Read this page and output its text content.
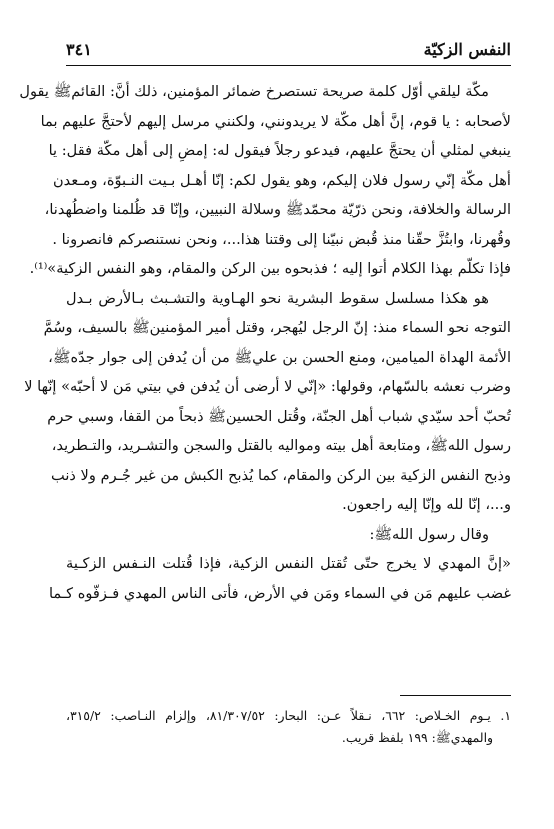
النفس الزكيّة
٣٤١
مكّة ليلقي أوّل كلمة صريحة تستصرخ ضمائر المؤمنين، ذلك أنَّ: القائمﷺ يقول
لأصحابه : يا قوم، إنَّ أهل مكّة لا يريدونني، ولكنني مرسل إليهم لأحتجَّ عليهم بما
ينبغي لمثلي أن يحتجَّ عليهم، فيدعو رجلاً فيقول له: إمضِ إلى أهل مكّة فقل: يا
أهل مكّة إنّي رسول فلان إليكم، وهو يقول لكم: إنّا أهـل بـيت النـبوّة، ومـعدن
الرسالة والخلافة، ونحن ذرّيّة محمّدﷺ وسلالة النبيين، وإنّا قد ظُلمنا واضطُهدنا،
وقُهرنا، وابتُزَّ حقّنا منذ قُبض نبيّنا إلى وقتنا هذا...، ونحن نستنصركم فانصرونا .
فإذا تكلّم بهذا الكلام أتوا إليه ؛ فذبحوه بين الركن والمقام، وهو النفس الزكية»⁽¹⁾.
هو هكذا مسلسل سقوط البشرية نحو الهـاوية والتشـبث بـالأرض بـدل
التوجه نحو السماء منذ: إنّ الرجل ليُهجر، وقتل أمير المؤمنينﷺ بالسيف، وسُمَّ
الأئمة الهداة الميامين، ومنع الحسن بن عليﷺ من أن يُدفن إلى جوار جدّهﷺ،
وضرب نعشه بالسّهام، وقولها: «إنّي لا أرضى أن يُدفن في بيتي مَن لا أحبّه» إنّها لا
تُحبّ أحد سيّدي شباب أهل الجنّة، وقُتل الحسينﷺ ذبحاً من القفا، وسبي حرم
رسول اللهﷺ، ومتابعة أهل بيته ومواليه بالقتل والسجن والتشـريد، والتـطريد،
وذبح النفس الزكية بين الركن والمقام، كما يُذبح الكبش من غير جُـرم ولا ذنب
و...، إنّا لله وإنّا إليه راجعون.
وقال رسول اللهﷺ:
«إنَّ المهدي لا يخرج حتّى تُقتل النفس الزكية، فإذا قُتلت النـفس الزكـية
غضب عليهم مَن في السماء ومَن في الأرض، فأتى الناس المهدي فـزفّوه كـما
١. يـوم الخـلاص: ٦٦٢، نـقلاً عـن: البحار: ٨١/٣٠٧/٥٢، وإلزام النـاصب: ٣١٥/٢،
والمهديﷺ: ١٩٩ بلفظ قريب.
